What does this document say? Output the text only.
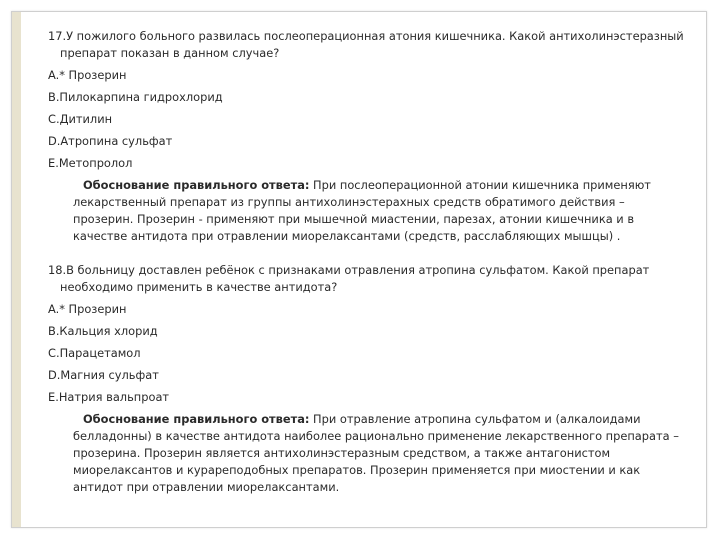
17.У пожилого больного развилась послеоперационная атония кишечника. Какой антихолинэстеразный препарат показан в данном случае?

A.* Прозерин

B.Пилокарпина гидрохлорид

C.Дитилин

D.Атропина сульфат

E.Метопролол

Обоснование правильного ответа: При послеоперационной атонии кишечника применяют лекарственный препарат из группы антихолинэстерахных средств обратимого действия – прозерин. Прозерин - применяют при мышечной миастении, парезах, атонии кишечника и в качестве антидота при отравлении миорелаксантами (средств, расслабляющих мышцы) .

18.В больницу доставлен ребёнок с признаками отравления атропина сульфатом. Какой препарат необходимо применить в качестве антидота?

A.* Прозерин

B.Кальция хлорид

C.Парацетамол

D.Магния сульфат

E.Натрия вальпроат

Обоснование правильного ответа: При отравление атропина сульфатом и (алкалоидами белладонны) в качестве антидота наиболее рационально применение лекарственного препарата – прозерина. Прозерин является антихолинэстеразным средством, а также антагонистом миорелаксантов и курареподобных препаратов. Прозерин применяется при миостении и как антидот при отравлении миорелаксантами.
